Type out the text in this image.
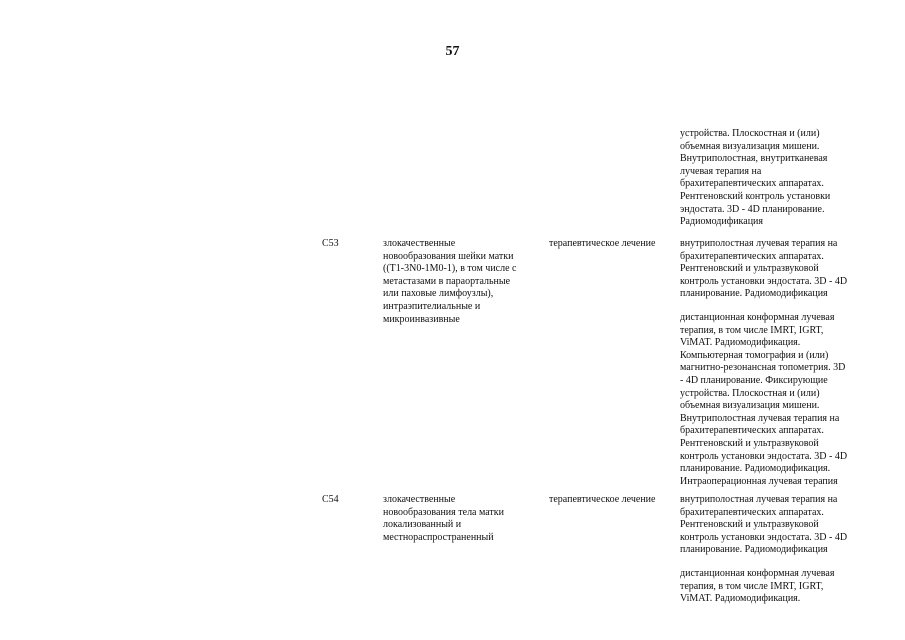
57
устройства. Плоскостная и (или)
объемная визуализация мишени.
Внутриполостная, внутритканевая
лучевая терапия на
брахитерапевтических аппаратах.
Рентгеновский контроль установки
эндостата. 3D - 4D планирование.
Радиомодификация
C53	злокачественные
новообразования шейки матки
((T1-3N0-1M0-1), в том числе с
метастазами в параортальные
или паховые лимфоузлы),
интраэпителиальные и
микроинвазивные
терапевтическое лечение	внутриполостная лучевая терапия на
брахитерапевтических аппаратах.
Рентгеновский и ультразвуковой
контроль установки эндостата. 3D - 4D
планирование. Радиомодификация
дистанционная конформная лучевая
терапия, в том числе IMRT, IGRT,
ViMAT. Радиомодификация.
Компьютерная томография и (или)
магнитно-резонансная топометрия. 3D
- 4D планирование. Фиксирующие
устройства. Плоскостная и (или)
объемная визуализация мишени.
Внутриполостная лучевая терапия на
брахитерапевтических аппаратах.
Рентгеновский и ультразвуковой
контроль установки эндостата. 3D - 4D
планирование. Радиомодификация.
Интраоперационная лучевая терапия
C54	злокачественные
новообразования тела матки
локализованный и
местнораспространенный
терапевтическое лечение	внутриполостная лучевая терапия на
брахитерапевтических аппаратах.
Рентгеновский и ультразвуковой
контроль установки эндостата. 3D - 4D
планирование. Радиомодификация
дистанционная конформная лучевая
терапия, в том числе IMRT, IGRT,
ViMAT. Радиомодификация.
